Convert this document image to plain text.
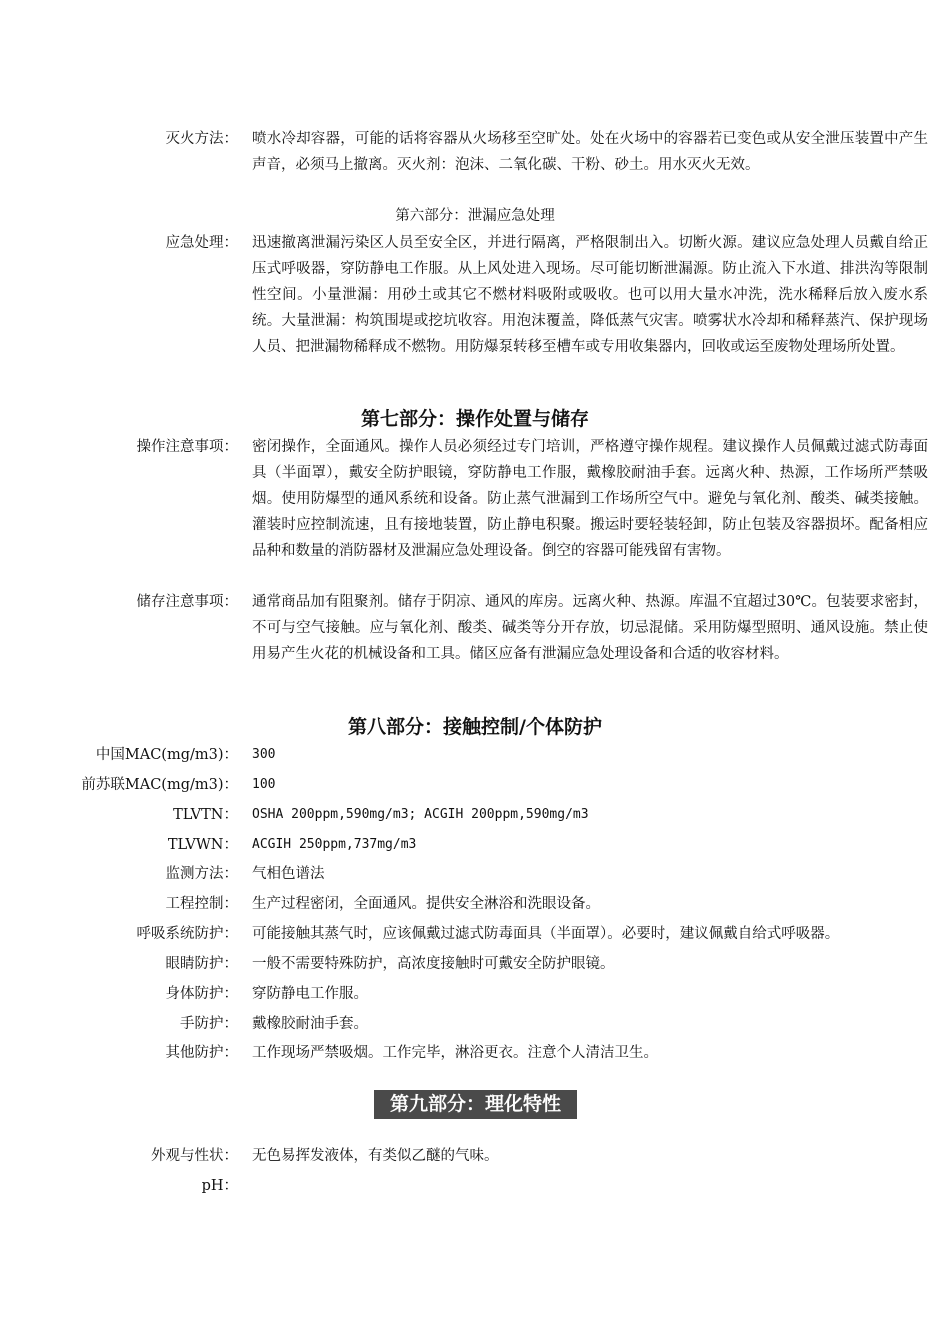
灭火方法： 喷水冷却容器，可能的话将容器从火场移至空旷处。处在火场中的容器若已变色或从安全泄压装置中产生声音，必须马上撤离。灭火剂：泡沫、二氧化碳、干粉、砂土。用水灭火无效。
第六部分：泄漏应急处理
应急处理： 迅速撤离泄漏污染区人员至安全区，并进行隔离，严格限制出入。切断火源。建议应急处理人员戴自给正压式呼吸器，穿防静电工作服。从上风处进入现场。尽可能切断泄漏源。防止流入下水道、排洪沟等限制性空间。小量泄漏：用砂土或其它不燃材料吸附或吸收。也可以用大量水冲洗，洗水稀释后放入废水系统。大量泄漏：构筑围堤或挖坑收容。用泡沫覆盖，降低蒸气灾害。喷雾状水冷却和稀释蒸汽、保护现场人员、把泄漏物稀释成不燃物。用防爆泵转移至槽车或专用收集器内，回收或运至废物处理场所处置。
第七部分：操作处置与储存
操作注意事项： 密闭操作，全面通风。操作人员必须经过专门培训，严格遵守操作规程。建议操作人员佩戴过滤式防毒面具（半面罩），戴安全防护眼镜，穿防静电工作服，戴橡胶耐油手套。远离火种、热源，工作场所严禁吸烟。使用防爆型的通风系统和设备。防止蒸气泄漏到工作场所空气中。避免与氧化剂、酸类、碱类接触。灌装时应控制流速，且有接地装置，防止静电积聚。搬运时要轻装轻卸，防止包装及容器损坏。配备相应品种和数量的消防器材及泄漏应急处理设备。倒空的容器可能残留有害物。
储存注意事项： 通常商品加有阻聚剂。储存于阴凉、通风的库房。远离火种、热源。库温不宜超过30℃。包装要求密封，不可与空气接触。应与氧化剂、酸类、碱类等分开存放，切忌混储。采用防爆型照明、通风设施。禁止使用易产生火花的机械设备和工具。储区应备有泄漏应急处理设备和合适的收容材料。
第八部分：接触控制/个体防护
中国MAC(mg/m3)： 300
前苏联MAC(mg/m3)： 100
TLVTN： OSHA 200ppm,590mg/m3; ACGIH 200ppm,590mg/m3
TLVWN： ACGIH 250ppm,737mg/m3
监测方法： 气相色谱法
工程控制： 生产过程密闭，全面通风。提供安全淋浴和洗眼设备。
呼吸系统防护： 可能接触其蒸气时，应该佩戴过滤式防毒面具（半面罩）。必要时，建议佩戴自给式呼吸器。
眼睛防护： 一般不需要特殊防护，高浓度接触时可戴安全防护眼镜。
身体防护： 穿防静电工作服。
手防护： 戴橡胶耐油手套。
其他防护： 工作现场严禁吸烟。工作完毕，淋浴更衣。注意个人清洁卫生。
第九部分：理化特性
外观与性状： 无色易挥发液体，有类似乙醚的气味。
pH：
